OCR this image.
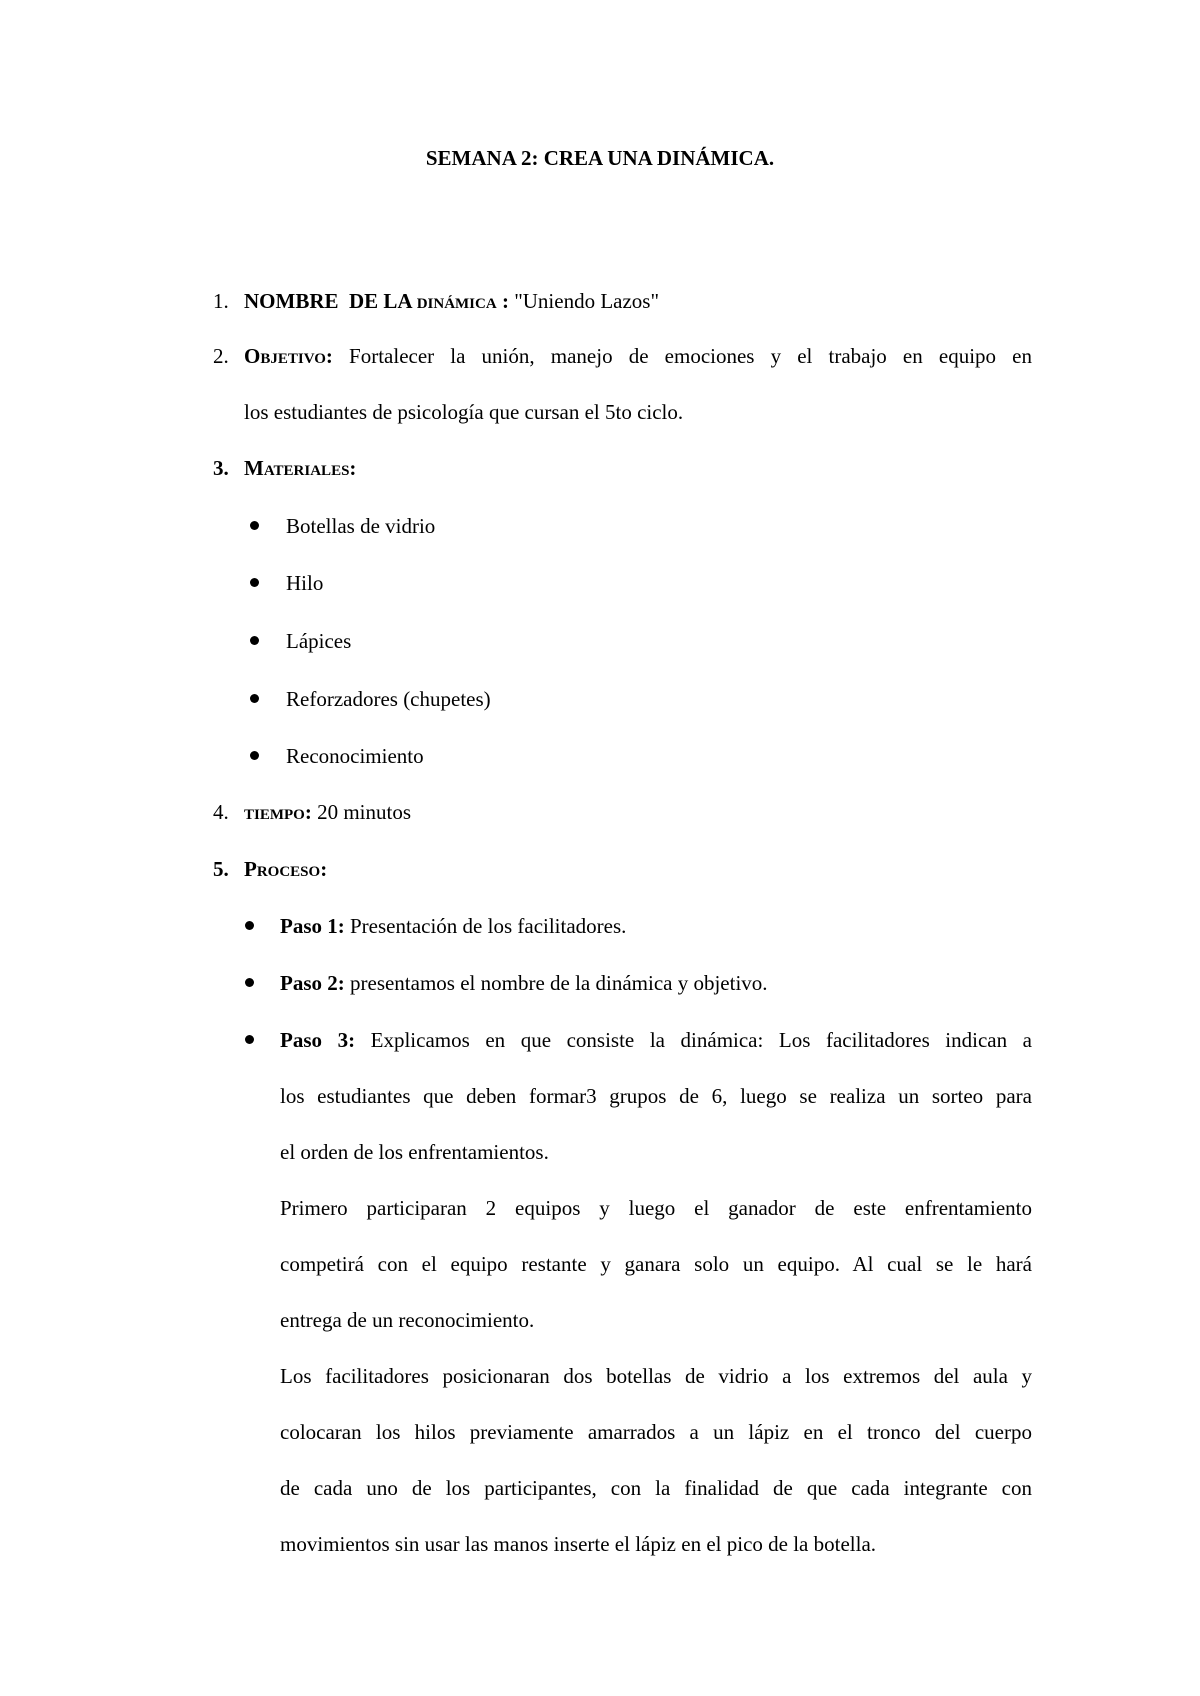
SEMANA 2: CREA UNA DINÁMICA.
1. NOMBRE  DE LA DINÁMICA : "Uniendo Lazos"
2. OBJETIVO: Fortalecer la unión, manejo de emociones y el trabajo en equipo en
los estudiantes de psicología que cursan el 5to ciclo.
3. MATERIALES:
Botellas de vidrio
Hilo
Lápices
Reforzadores (chupetes)
Reconocimiento
4. TIEMPO: 20 minutos
5. PROCESO:
Paso 1: Presentación de los facilitadores.
Paso 2: presentamos el nombre de la dinámica y objetivo.
Paso 3: Explicamos en que consiste la dinámica: Los facilitadores indican a
los estudiantes que deben formar3 grupos de 6, luego se realiza un sorteo para
el orden de los enfrentamientos.
Primero participaran 2 equipos y luego el ganador de este enfrentamiento
competirá con el equipo restante y ganara solo un equipo. Al cual se le hará
entrega de un reconocimiento.
Los facilitadores posicionaran dos botellas de vidrio a los extremos del aula y
colocaran los hilos previamente amarrados a un lápiz en el tronco del cuerpo
de cada uno de los participantes, con la finalidad de que cada integrante con
movimientos sin usar las manos inserte el lápiz en el pico de la botella.
